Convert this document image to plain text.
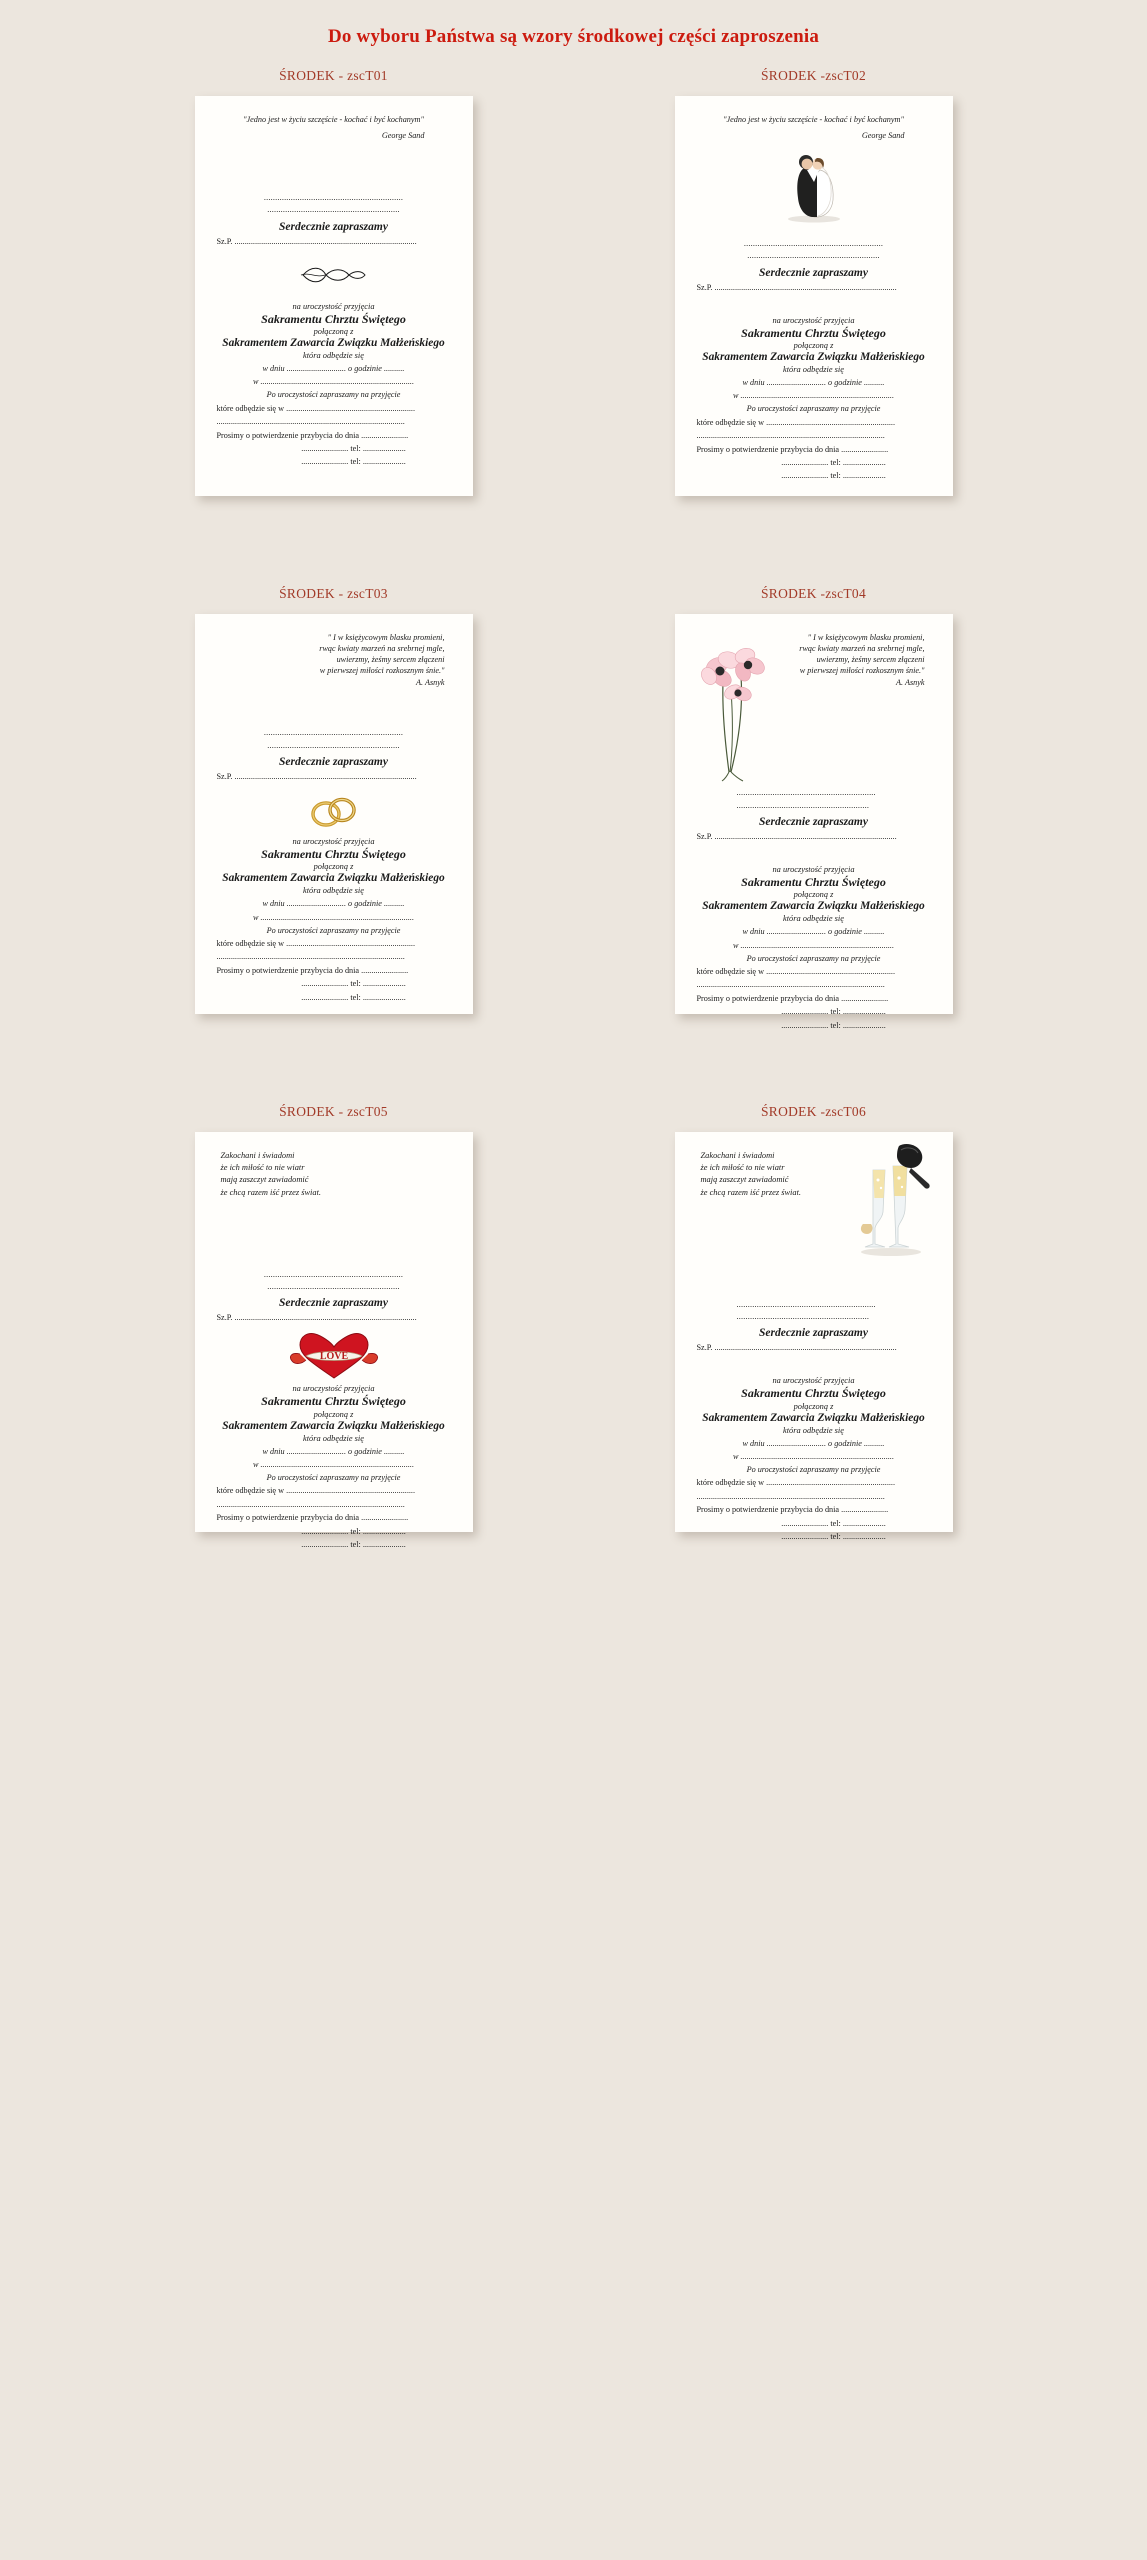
Do wyboru Państwa są wzory środkowej części zaproszenia
ŚRODEK - zscT01
"Jedno jest w życiu szczęście - kochać i być kochanym"
George Sand
..............................................................
...........................................................
Serdecznie zapraszamy
Sz.P. .........................................................................................
na uroczystość przyjęcia
Sakramentu Chrztu Świętego
połączoną z
Sakramentem Zawarcia Związku Małżeńskiego
która odbędzie się
w dniu ............................. o godzinie ..........
w ...........................................................................
Po uroczystości zapraszamy na przyjęcie
które odbędzie się w ...............................................................
............................................................................................
Prosimy o potwierdzenie przybycia do dnia .......................
....................... tel: .....................
....................... tel: .....................
ŚRODEK -zscT02
"Jedno jest w życiu szczęście - kochać i być kochanym"
George Sand
..............................................................
...........................................................
Serdecznie zapraszamy
Sz.P. .........................................................................................
na uroczystość przyjęcia
Sakramentu Chrztu Świętego
połączoną z
Sakramentem Zawarcia Związku Małżeńskiego
która odbędzie się
w dniu ............................. o godzinie ..........
w ...........................................................................
Po uroczystości zapraszamy na przyjęcie
które odbędzie się w ...............................................................
............................................................................................
Prosimy o potwierdzenie przybycia do dnia .......................
....................... tel: .....................
....................... tel: .....................
ŚRODEK - zscT03
" I w księżycowym blasku promieni,
rwąc kwiaty marzeń na srebrnej mgle,
uwierzmy, żeśmy sercem złączeni
w pierwszej miłości rozkosznym śnie."
A. Asnyk
..............................................................
...........................................................
Serdecznie zapraszamy
Sz.P. .........................................................................................
na uroczystość przyjęcia
Sakramentu Chrztu Świętego
połączoną z
Sakramentem Zawarcia Związku Małżeńskiego
która odbędzie się
w dniu ............................. o godzinie ..........
w ...........................................................................
Po uroczystości zapraszamy na przyjęcie
które odbędzie się w ...............................................................
............................................................................................
Prosimy o potwierdzenie przybycia do dnia .......................
....................... tel: .....................
....................... tel: .....................
ŚRODEK -zscT04
" I w księżycowym blasku promieni,
rwąc kwiaty marzeń na srebrnej mgle,
uwierzmy, żeśmy sercem złączeni
w pierwszej miłości rozkosznym śnie."
A. Asnyk
..............................................................
...........................................................
Serdecznie zapraszamy
Sz.P. .........................................................................................
na uroczystość przyjęcia
Sakramentu Chrztu Świętego
połączoną z
Sakramentem Zawarcia Związku Małżeńskiego
która odbędzie się
w dniu ............................. o godzinie ..........
w ...........................................................................
Po uroczystości zapraszamy na przyjęcie
które odbędzie się w ...............................................................
............................................................................................
Prosimy o potwierdzenie przybycia do dnia .......................
....................... tel: .....................
....................... tel: .....................
ŚRODEK - zscT05
Zakochani i świadomi
że ich miłość to nie wiatr
mają zaszczyt zawiadomić
że chcą razem iść przez świat.
..............................................................
...........................................................
Serdecznie zapraszamy
Sz.P. .........................................................................................
LOVE
na uroczystość przyjęcia
Sakramentu Chrztu Świętego
połączoną z
Sakramentem Zawarcia Związku Małżeńskiego
która odbędzie się
w dniu ............................. o godzinie ..........
w ...........................................................................
Po uroczystości zapraszamy na przyjęcie
które odbędzie się w ...............................................................
............................................................................................
Prosimy o potwierdzenie przybycia do dnia .......................
....................... tel: .....................
....................... tel: .....................
ŚRODEK -zscT06
Zakochani i świadomi
że ich miłość to nie wiatr
mają zaszczyt zawiadomić
że chcą razem iść przez świat.
..............................................................
...........................................................
Serdecznie zapraszamy
Sz.P. .........................................................................................
na uroczystość przyjęcia
Sakramentu Chrztu Świętego
połączoną z
Sakramentem Zawarcia Związku Małżeńskiego
która odbędzie się
w dniu ............................. o godzinie ..........
w ...........................................................................
Po uroczystości zapraszamy na przyjęcie
które odbędzie się w ...............................................................
............................................................................................
Prosimy o potwierdzenie przybycia do dnia .......................
....................... tel: .....................
....................... tel: .....................
